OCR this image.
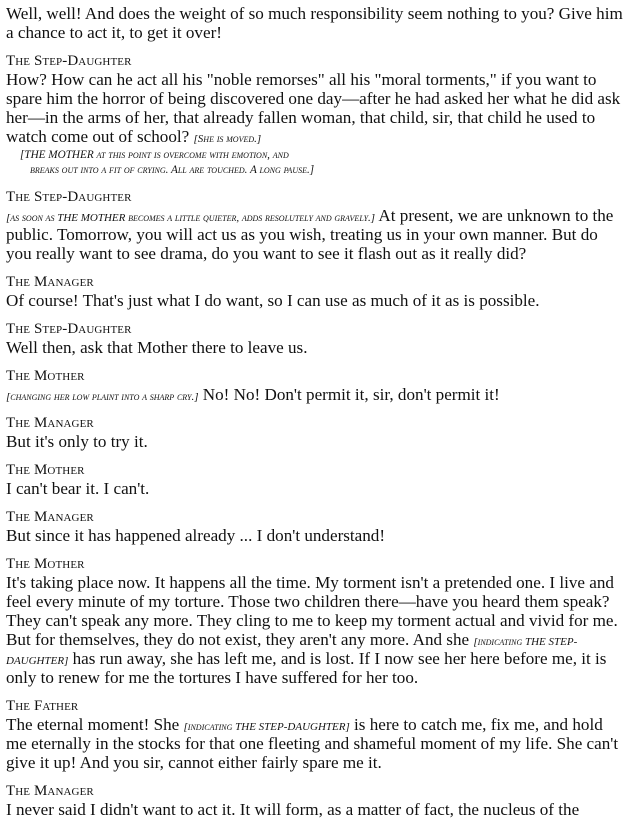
Well, well! And does the weight of so much responsibility seem nothing to you? Give him a chance to act it, to get it over!

The Step-Daughter

How? How can he act all his "noble remorses" all his "moral torments," if you want to spare him the horror of being discovered one day—after he had asked her what he did ask her—in the arms of her, that already fallen woman, that child, sir, that child he used to watch come out of school? [She is moved.]

[THE MOTHER at this point is overcome with emotion, and breaks out into a fit of crying. All are touched. A long pause.]

The Step-Daughter

[as soon as THE MOTHER becomes a little quieter, adds resolutely and gravely.] At present, we are unknown to the public. Tomorrow, you will act us as you wish, treating us in your own manner. But do you really want to see drama, do you want to see it flash out as it really did?

The Manager

Of course! That's just what I do want, so I can use as much of it as is possible.

The Step-Daughter

Well then, ask that Mother there to leave us.

The Mother

[changing her low plaint into a sharp cry.] No! No! Don't permit it, sir, don't permit it!

The Manager

But it's only to try it.

The Mother

I can't bear it. I can't.

The Manager

But since it has happened already ... I don't understand!

The Mother

It's taking place now. It happens all the time. My torment isn't a pretended one. I live and feel every minute of my torture. Those two children there—have you heard them speak? They can't speak any more. They cling to me to keep my torment actual and vivid for me. But for themselves, they do not exist, they aren't any more. And she [indicating THE STEP-DAUGHTER] has run away, she has left me, and is lost. If I now see her here before me, it is only to renew for me the tortures I have suffered for her too.

The Father

The eternal moment! She [indicating THE STEP-DAUGHTER] is here to catch me, fix me, and hold me eternally in the stocks for that one fleeting and shameful moment of my life. She can't give it up! And you sir, cannot either fairly spare me it.

The Manager

I never said I didn't want to act it. It will form, as a matter of fact, the nucleus of the
